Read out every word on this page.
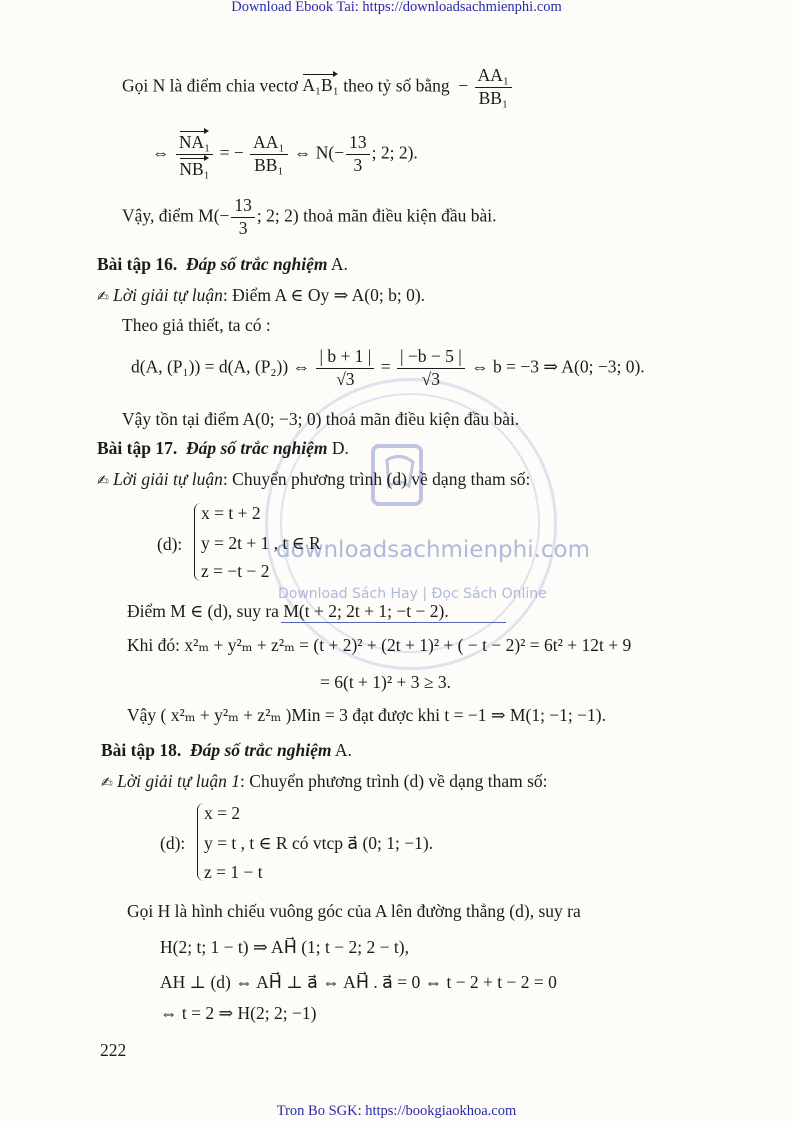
Download Ebook Tai: https://downloadsachmienphi.com
downloadsachmienphi.com
Download Sách Hay | Đọc Sách Online
Gọi N là điểm chia vectơ A₁B₁ theo tỷ số bằng  − $\frac{\text{AA₁}}{\text{BB₁}}$
⇔ $\frac{\text{NA₁}}{\text{NB₁}}$ = − $\frac{\text{AA₁}}{\text{BB₁}}$ ⇔ $N(- \frac{13}{3}$ ; 2; 2).
Vậy, điểm $M(- \frac{13}{3}$ ; 2; 2) thoả mãn điều kiện đầu bài.
Bài tập 16. Đáp số trắc nghiệm A.
✍ Lời giải tự luận: Điểm A ∈ Oy ⇒ A(0; b; 0).
Theo giả thiết, ta có :
d(A, (P₁)) = d(A, (P₂)) ⇔ $\frac{| b + 1 |}{√3} = \frac{| -b - 5 |}{√3}$ ⇔ b = −3 ⇒ A(0; −3; 0).
Vậy tồn tại điểm A(0; −3; 0) thoả mãn điều kiện đầu bài.
Bài tập 17. Đáp số trắc nghiệm D.
✍ Lời giải tự luận: Chuyển phương trình (d) về dạng tham số:
(d):
x = t + 2
y = 2t + 1 , t ∈ R
z = −t − 2
Điểm M ∈ (d), suy ra M(t + 2; 2t + 1; −t − 2).
Khi đó: x²ₘ + y²ₘ + z²ₘ = (t + 2)² + (2t + 1)² + ( − t − 2)² = 6t² + 12t + 9
= 6(t + 1)² + 3 ≥ 3.
Vậy ( x²ₘ + y²ₘ + z²ₘ )Min = 3 đạt được khi t = −1 ⇒ M(1; −1; −1).
Bài tập 18. Đáp số trắc nghiệm A.
✍ Lời giải tự luận 1: Chuyển phương trình (d) về dạng tham số:
(d):
x = 2
y = t , t ∈ R có vtcp a⃗ (0; 1; −1).
z = 1 − t
Gọi H là hình chiếu vuông góc của A lên đường thẳng (d), suy ra
H(2; t; 1 − t) ⇒ AH⃗ (1; t − 2; 2 − t),
AH ⊥ (d) ⇔ AH⃗ ⊥ a⃗ ⇔ AH⃗ . a⃗ = 0 ⇔ t − 2 + t − 2 = 0
⇔ t = 2 ⇒ H(2; 2; −1)
222
Tron Bo SGK: https://bookgiaokhoa.com
